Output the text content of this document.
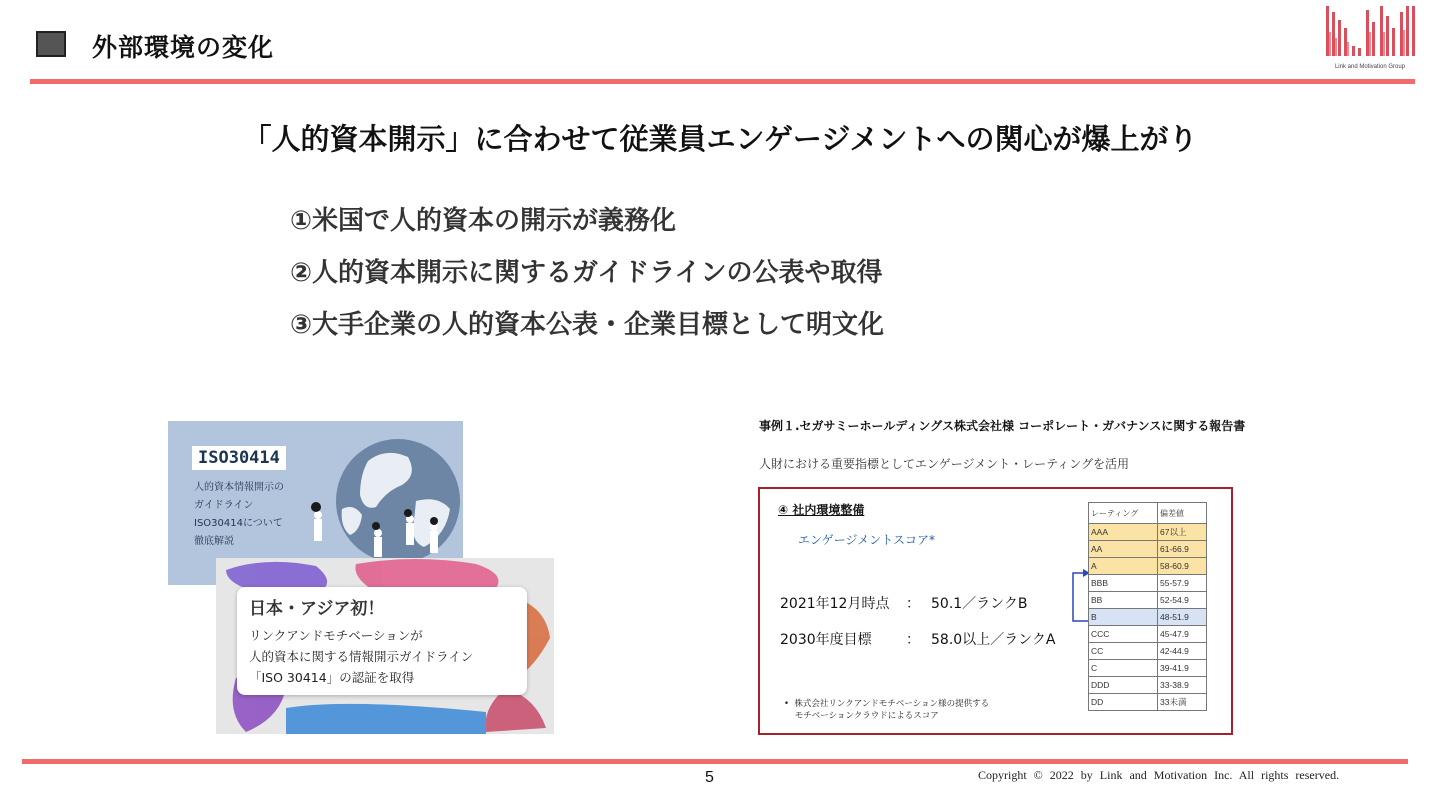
外部環境の変化
Link and Motivation Group
「人的資本開示」に合わせて従業員エンゲージメントへの関心が爆上がり
①米国で人的資本の開示が義務化
②人的資本開示に関するガイドラインの公表や取得
③大手企業の人的資本公表・企業目標として明文化
ISO30414
人的資本情報開示の
ガイドライン
ISO30414について
徹底解説
日本・アジア初！
リンクアンドモチベーションが
人的資本に関する情報開示ガイドライン
「ISO 30414」の認証を取得
事例１.セガサミーホールディングス株式会社様 コーポレート・ガバナンスに関する報告書
人財における重要指標としてエンゲージメント・レーティングを活用
④ 社内環境整備
エンゲージメントスコア*
2021年12月時点 ： 50.1／ランクB
2030年度目標 ： 58.0以上／ランクA
•  株式会社リンクアンドモチベーション様の提供する
モチベーションクラウドによるスコア
レーティング	偏差値
AAA	67以上
AA	61-66.9
A	58-60.9
BBB	55-57.9
BB	52-54.9
B	48-51.9
CCC	45-47.9
CC	42-44.9
C	39-41.9
DDD	33-38.9
DD	33未満
5	Copyright © 2022 by Link and Motivation Inc. All rights reserved.
